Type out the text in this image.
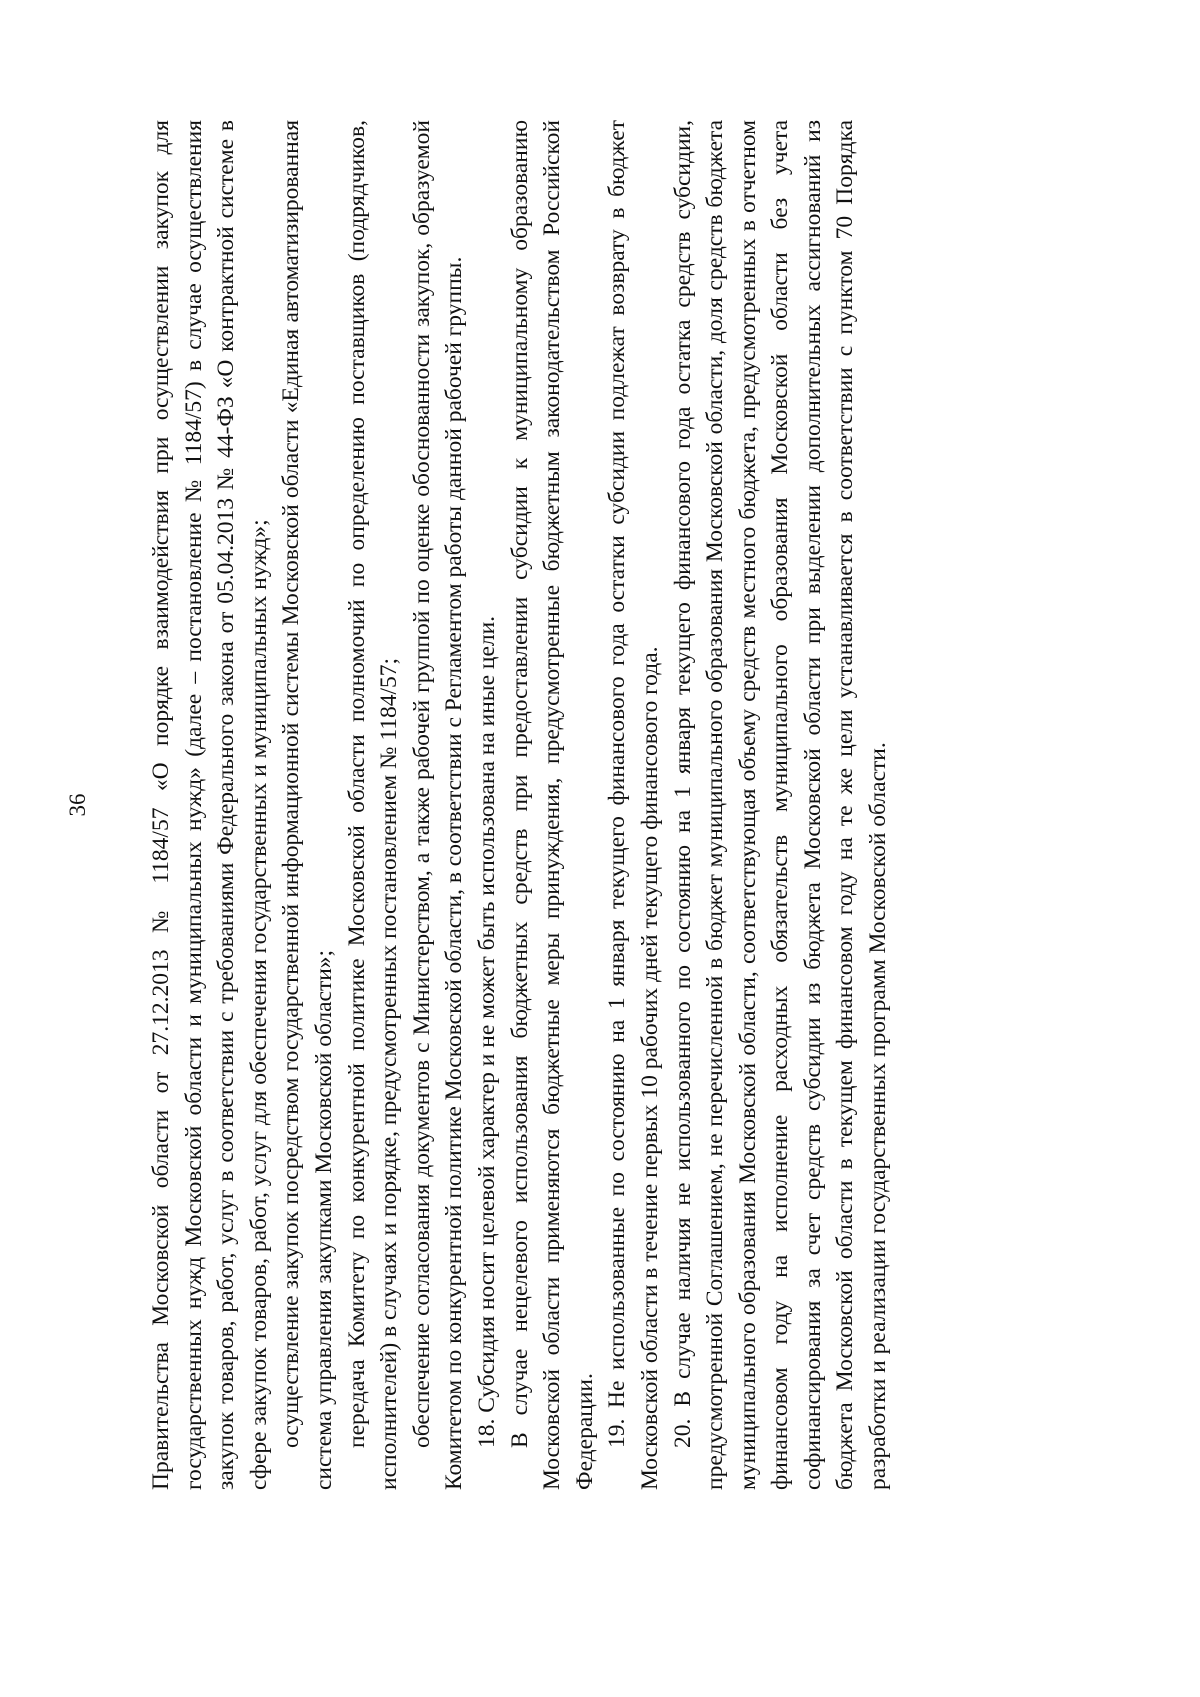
36 Правительства Московской области от 27.12.2013 № 1184/57 «О порядке взаимодействия при осуществлении закупок для государственных нужд Московской области и муниципальных нужд» (далее – постановление № 1184/57) в случае осуществления закупок товаров, работ, услуг в соответствии с требованиями Федерального закона от 05.04.2013 № 44-ФЗ «О контрактной системе в сфере закупок товаров, работ, услуг для обеспечения государственных и муниципальных нужд»; осуществление закупок посредством государственной информационной системы Московской области «Единая автоматизированная система управления закупками Московской области»; передача Комитету по конкурентной политике Московской области полномочий по определению поставщиков (подрядчиков, исполнителей) в случаях и порядке, предусмотренных постановлением № 1184/57; обеспечение согласования документов с Министерством, а также рабочей группой по оценке обоснованности закупок, образуемой Комитетом по конкурентной политике Московской области, в соответствии с Регламентом работы данной рабочей группы. 18. Субсидия носит целевой характер и не может быть использована на иные цели. В случае нецелевого использования бюджетных средств при предоставлении субсидии к муниципальному образованию Московской области применяются бюджетные меры принуждения, предусмотренные бюджетным законодательством Российской Федерации. 19. Не использованные по состоянию на 1 января текущего финансового года остатки субсидии подлежат возврату в бюджет Московской области в течение первых 10 рабочих дней текущего финансового года. 20. В случае наличия не использованного по состоянию на 1 января текущего финансового года остатка средств субсидии, предусмотренной Соглашением, не перечисленной в бюджет муниципального образования Московской области, доля средств бюджета муниципального образования Московской области, соответствующая объему средств местного бюджета, предусмотренных в отчетном финансовом году на исполнение расходных обязательств муниципального образования Московской области без учета софинансирования за счет средств субсидии из бюджета Московской области при выделении дополнительных ассигнований из бюджета Московской области в текущем финансовом году на те же цели устанавливается в соответствии с пунктом 70 Порядка разработки и реализации государственных программ Московской области.
